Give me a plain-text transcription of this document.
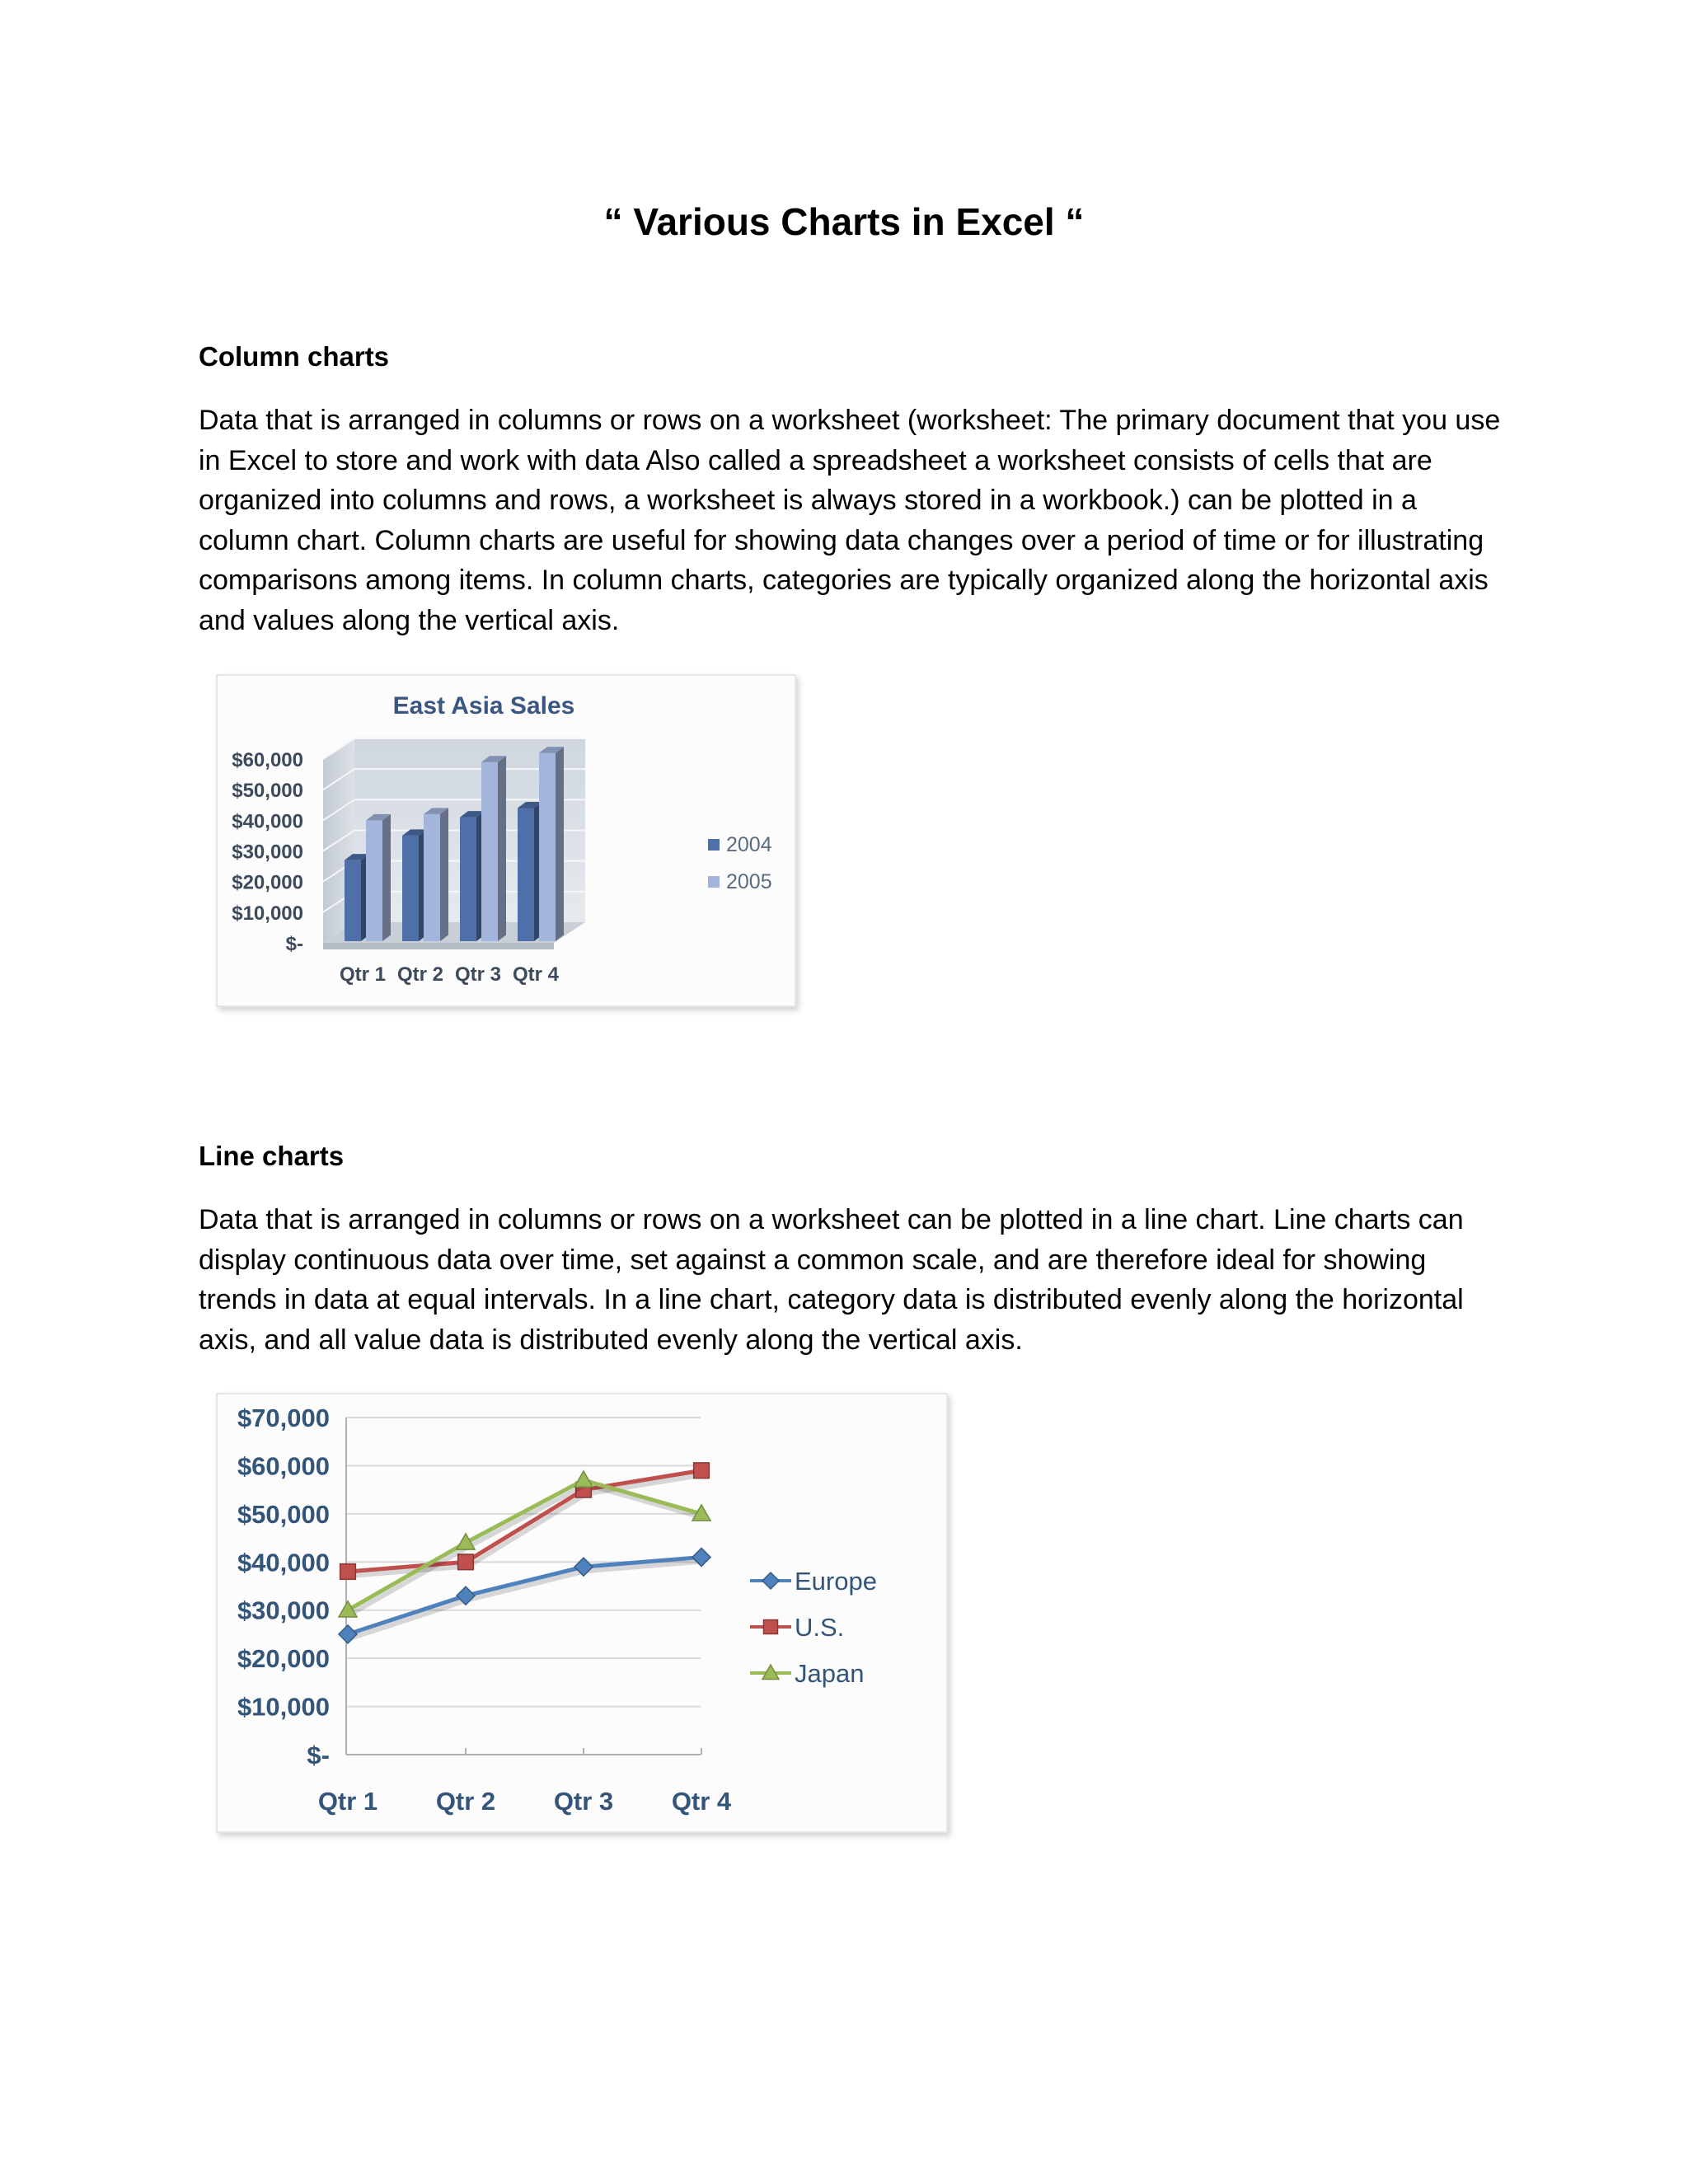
“ Various Charts in Excel “
Column charts

Data that is arranged in columns or rows on a worksheet (worksheet: The primary document that you use in Excel to store and work with data Also called a spreadsheet a worksheet consists of cells that are organized into columns and rows, a worksheet is always stored in a workbook.) can be plotted in a column chart. Column charts are useful for showing data changes over a period of time or for illustrating comparisons among items. In column charts, categories are typically organized along the horizontal axis and values along the vertical axis.

East Asia Sales
$-
$10,000
$20,000
$30,000
$40,000
$50,000
$60,000
Qtr 1 Qtr 2 Qtr 3 Qtr 4
2004
2005
Line charts

Data that is arranged in columns or rows on a worksheet can be plotted in a line chart. Line charts can display continuous data over time, set against a common scale, and are therefore ideal for showing trends in data at equal intervals. In a line chart, category data is distributed evenly along the horizontal axis, and all value data is distributed evenly along the vertical axis.

$-
$10,000
$20,000
$30,000
$40,000
$50,000
$60,000
$70,000
Qtr 1 Qtr 2 Qtr 3 Qtr 4
Europe
U.S.
Japan
